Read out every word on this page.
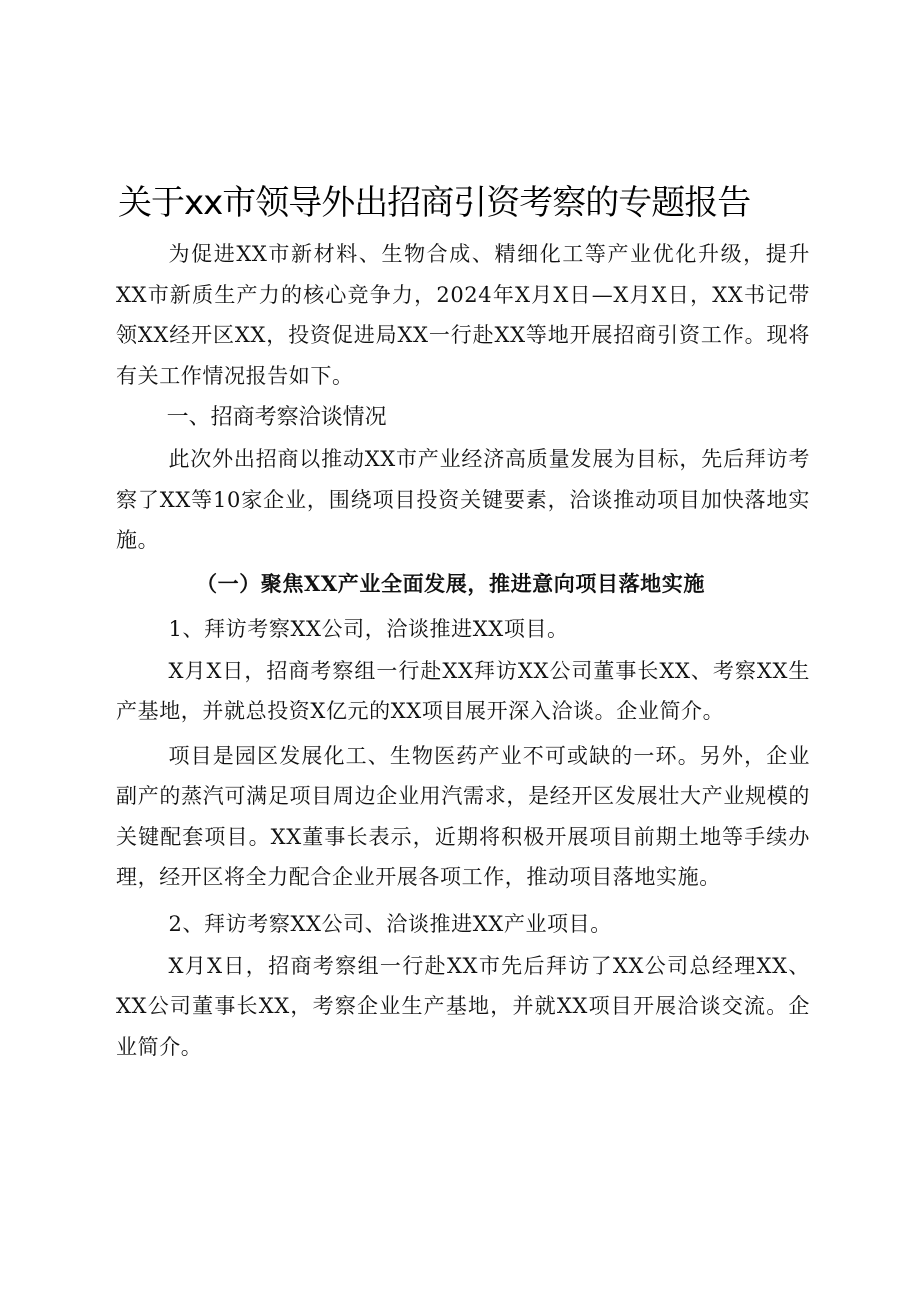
关于xx市领导外出招商引资考察的专题报告

为促进XX市新材料、生物合成、精细化工等产业优化升级，提升XX市新质生产力的核心竞争力，2024年X月X日—X月X日，XX书记带领XX经开区XX，投资促进局XX一行赴XX等地开展招商引资工作。现将有关工作情况报告如下。

一、招商考察洽谈情况

此次外出招商以推动XX市产业经济高质量发展为目标，先后拜访考察了XX等10家企业，围绕项目投资关键要素，洽谈推动项目加快落地实施。

（一）聚焦XX产业全面发展，推进意向项目落地实施

1、拜访考察XX公司，洽谈推进XX项目。

X月X日，招商考察组一行赴XX拜访XX公司董事长XX、考察XX生产基地，并就总投资X亿元的XX项目展开深入洽谈。企业简介。

项目是园区发展化工、生物医药产业不可或缺的一环。另外，企业副产的蒸汽可满足项目周边企业用汽需求，是经开区发展壮大产业规模的关键配套项目。XX董事长表示，近期将积极开展项目前期土地等手续办理，经开区将全力配合企业开展各项工作，推动项目落地实施。

2、拜访考察XX公司、洽谈推进XX产业项目。

X月X日，招商考察组一行赴XX市先后拜访了XX公司总经理XX、XX公司董事长XX，考察企业生产基地，并就XX项目开展洽谈交流。企业简介。
